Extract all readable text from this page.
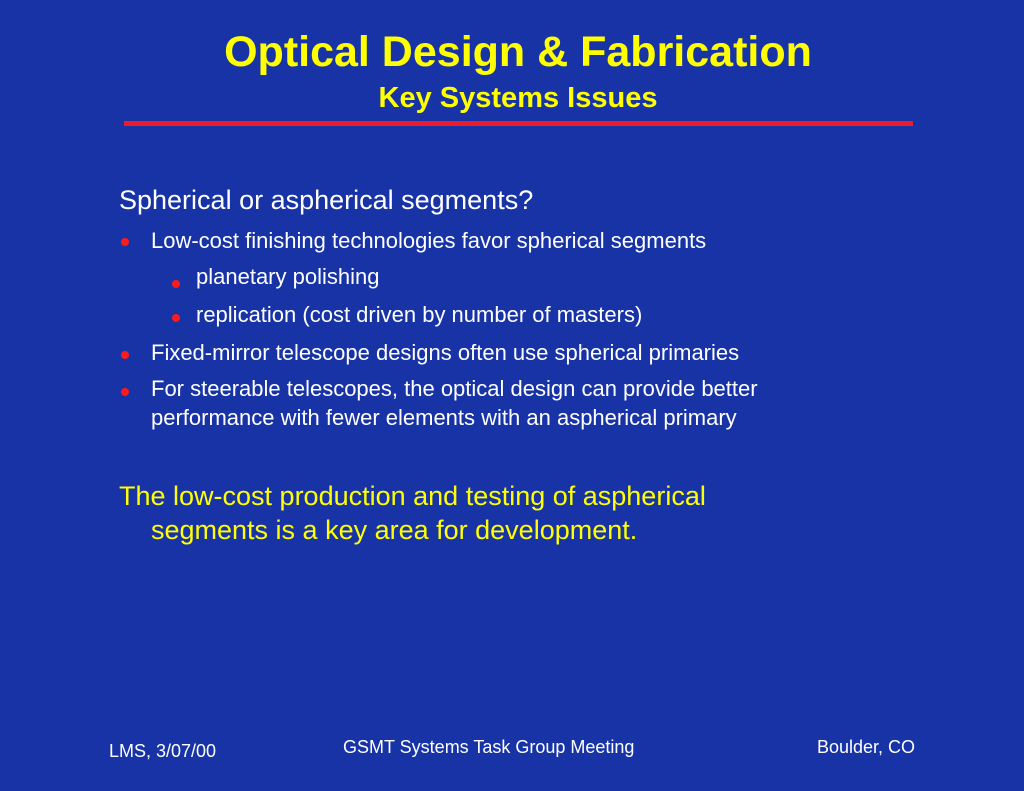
Optical Design & Fabrication
Key Systems Issues
Spherical or aspherical segments?
Low-cost finishing technologies favor spherical segments
planetary polishing
replication (cost driven by number of masters)
Fixed-mirror telescope designs often use spherical primaries
For steerable telescopes, the optical design can provide better
performance with fewer elements with an aspherical primary
The low-cost production and testing of aspherical
segments is a key area for development.
LMS, 3/07/00	GSMT Systems Task Group Meeting	Boulder, CO
